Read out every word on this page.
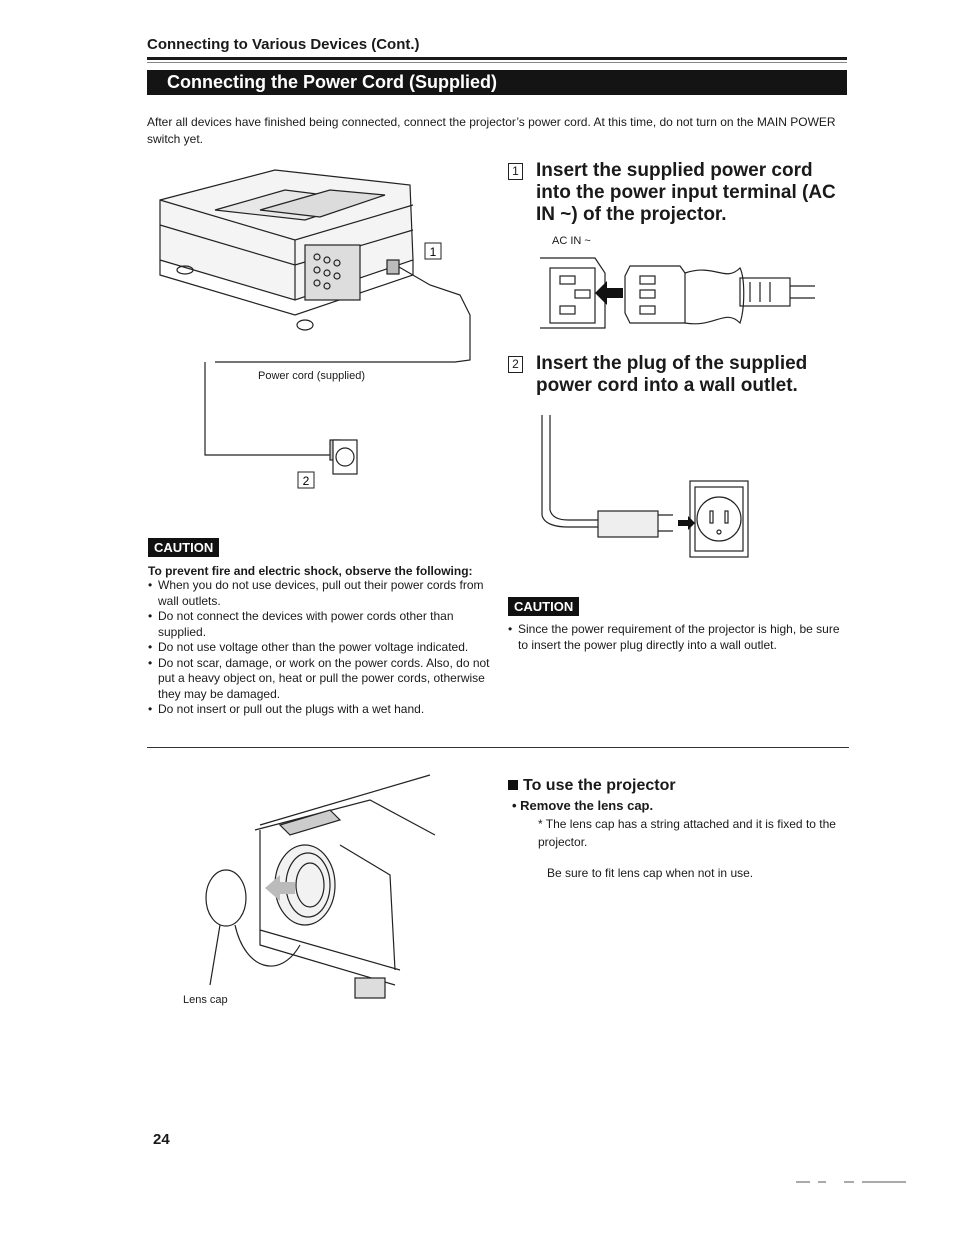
Connecting to Various Devices (Cont.)
Connecting the Power Cord (Supplied)
After all devices have finished being connected, connect the projector’s power cord. At this time, do not turn on the MAIN POWER switch yet.
1
2
Power cord (supplied)
CAUTION
To prevent fire and electric shock, observe the following:
• When you do not use devices, pull out their power cords from wall outlets.
• Do not connect the devices with power cords other than supplied.
• Do not use voltage other than the power voltage indicated.
• Do not scar, damage, or work on the power cords. Also, do not put a heavy object on, heat or pull the power cords, otherwise they may be damaged.
• Do not insert or pull out the plugs with a wet hand.
1 Insert the supplied power cord into the power input terminal (AC IN ~) of the projector.
AC IN ~
2 Insert the plug of the supplied power cord into a wall outlet.
CAUTION
• Since the power requirement of the projector is high, be sure to insert the power plug directly into a wall outlet.
Lens cap
To use the projector
• Remove the lens cap.
* The lens cap has a string attached and it is fixed to the projector.
Be sure to fit lens cap when not in use.
24
